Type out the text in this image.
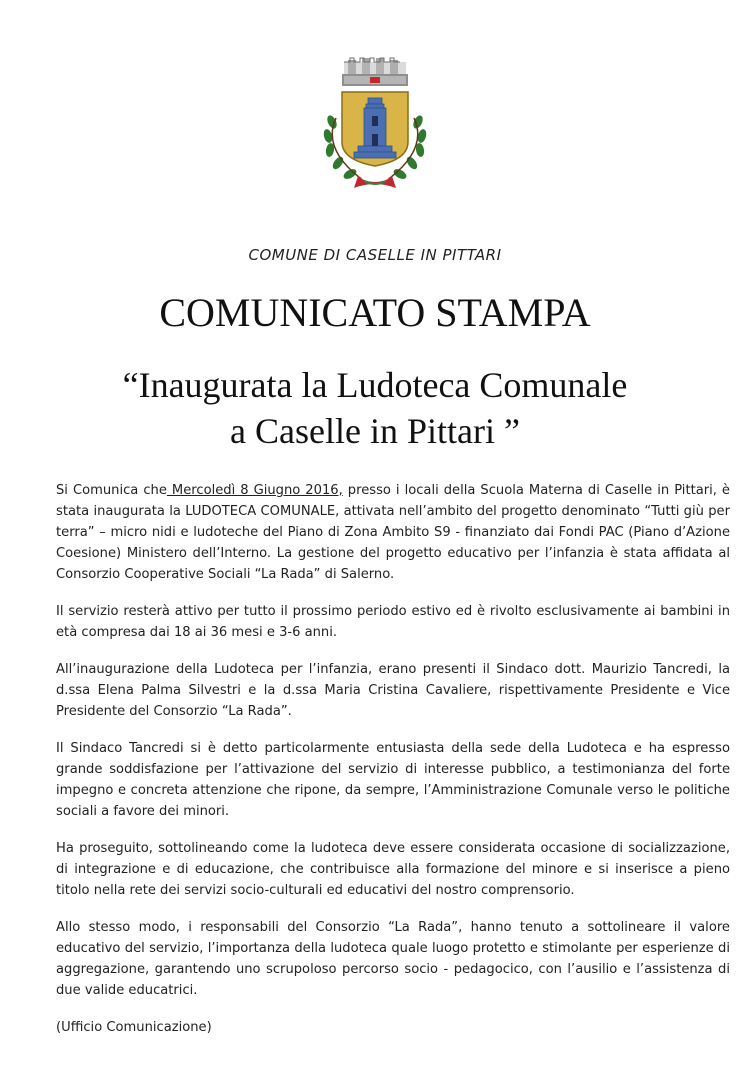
COMUNE DI CASELLE IN PITTARI
COMUNICATO STAMPA
“Inaugurata la Ludoteca Comunale
a Caselle in Pittari ”

Si Comunica che Mercoledì 8 Giugno 2016, presso i locali della Scuola Materna di Caselle in Pittari, è stata inaugurata la LUDOTECA COMUNALE, attivata nell’ambito del progetto denominato “Tutti giù per terra” – micro nidi e ludoteche del Piano di Zona Ambito S9 - finanziato dai Fondi PAC (Piano d’Azione Coesione) Ministero dell’Interno. La gestione del progetto educativo per l’infanzia è stata affidata al Consorzio Cooperative Sociali “La Rada” di Salerno.

Il servizio resterà attivo per tutto il prossimo periodo estivo ed è rivolto esclusivamente ai bambini in età compresa dai 18 ai 36 mesi e 3-6 anni.

All’inaugurazione della Ludoteca per l’infanzia, erano presenti il Sindaco dott. Maurizio Tancredi, la d.ssa Elena Palma Silvestri e la d.ssa Maria Cristina Cavaliere, rispettivamente Presidente e Vice Presidente del Consorzio “La Rada”.

Il Sindaco Tancredi si è detto particolarmente entusiasta della sede della Ludoteca e ha espresso grande soddisfazione per l’attivazione del servizio di interesse pubblico, a testimonianza del forte impegno e concreta attenzione che ripone, da sempre, l’Amministrazione Comunale verso le politiche sociali a favore dei minori.

Ha proseguito, sottolineando come la ludoteca deve essere considerata occasione di socializzazione, di integrazione e di educazione, che contribuisce alla formazione del minore e si inserisce a pieno titolo nella rete dei servizi socio-culturali ed educativi del nostro comprensorio.

Allo stesso modo, i responsabili del Consorzio “La Rada”, hanno tenuto a sottolineare il valore educativo del servizio, l’importanza della ludoteca quale luogo protetto e stimolante per esperienze di aggregazione, garantendo uno scrupoloso percorso socio - pedagocico, con l’ausilio e l’assistenza di due valide educatrici.

(Ufficio Comunicazione)
